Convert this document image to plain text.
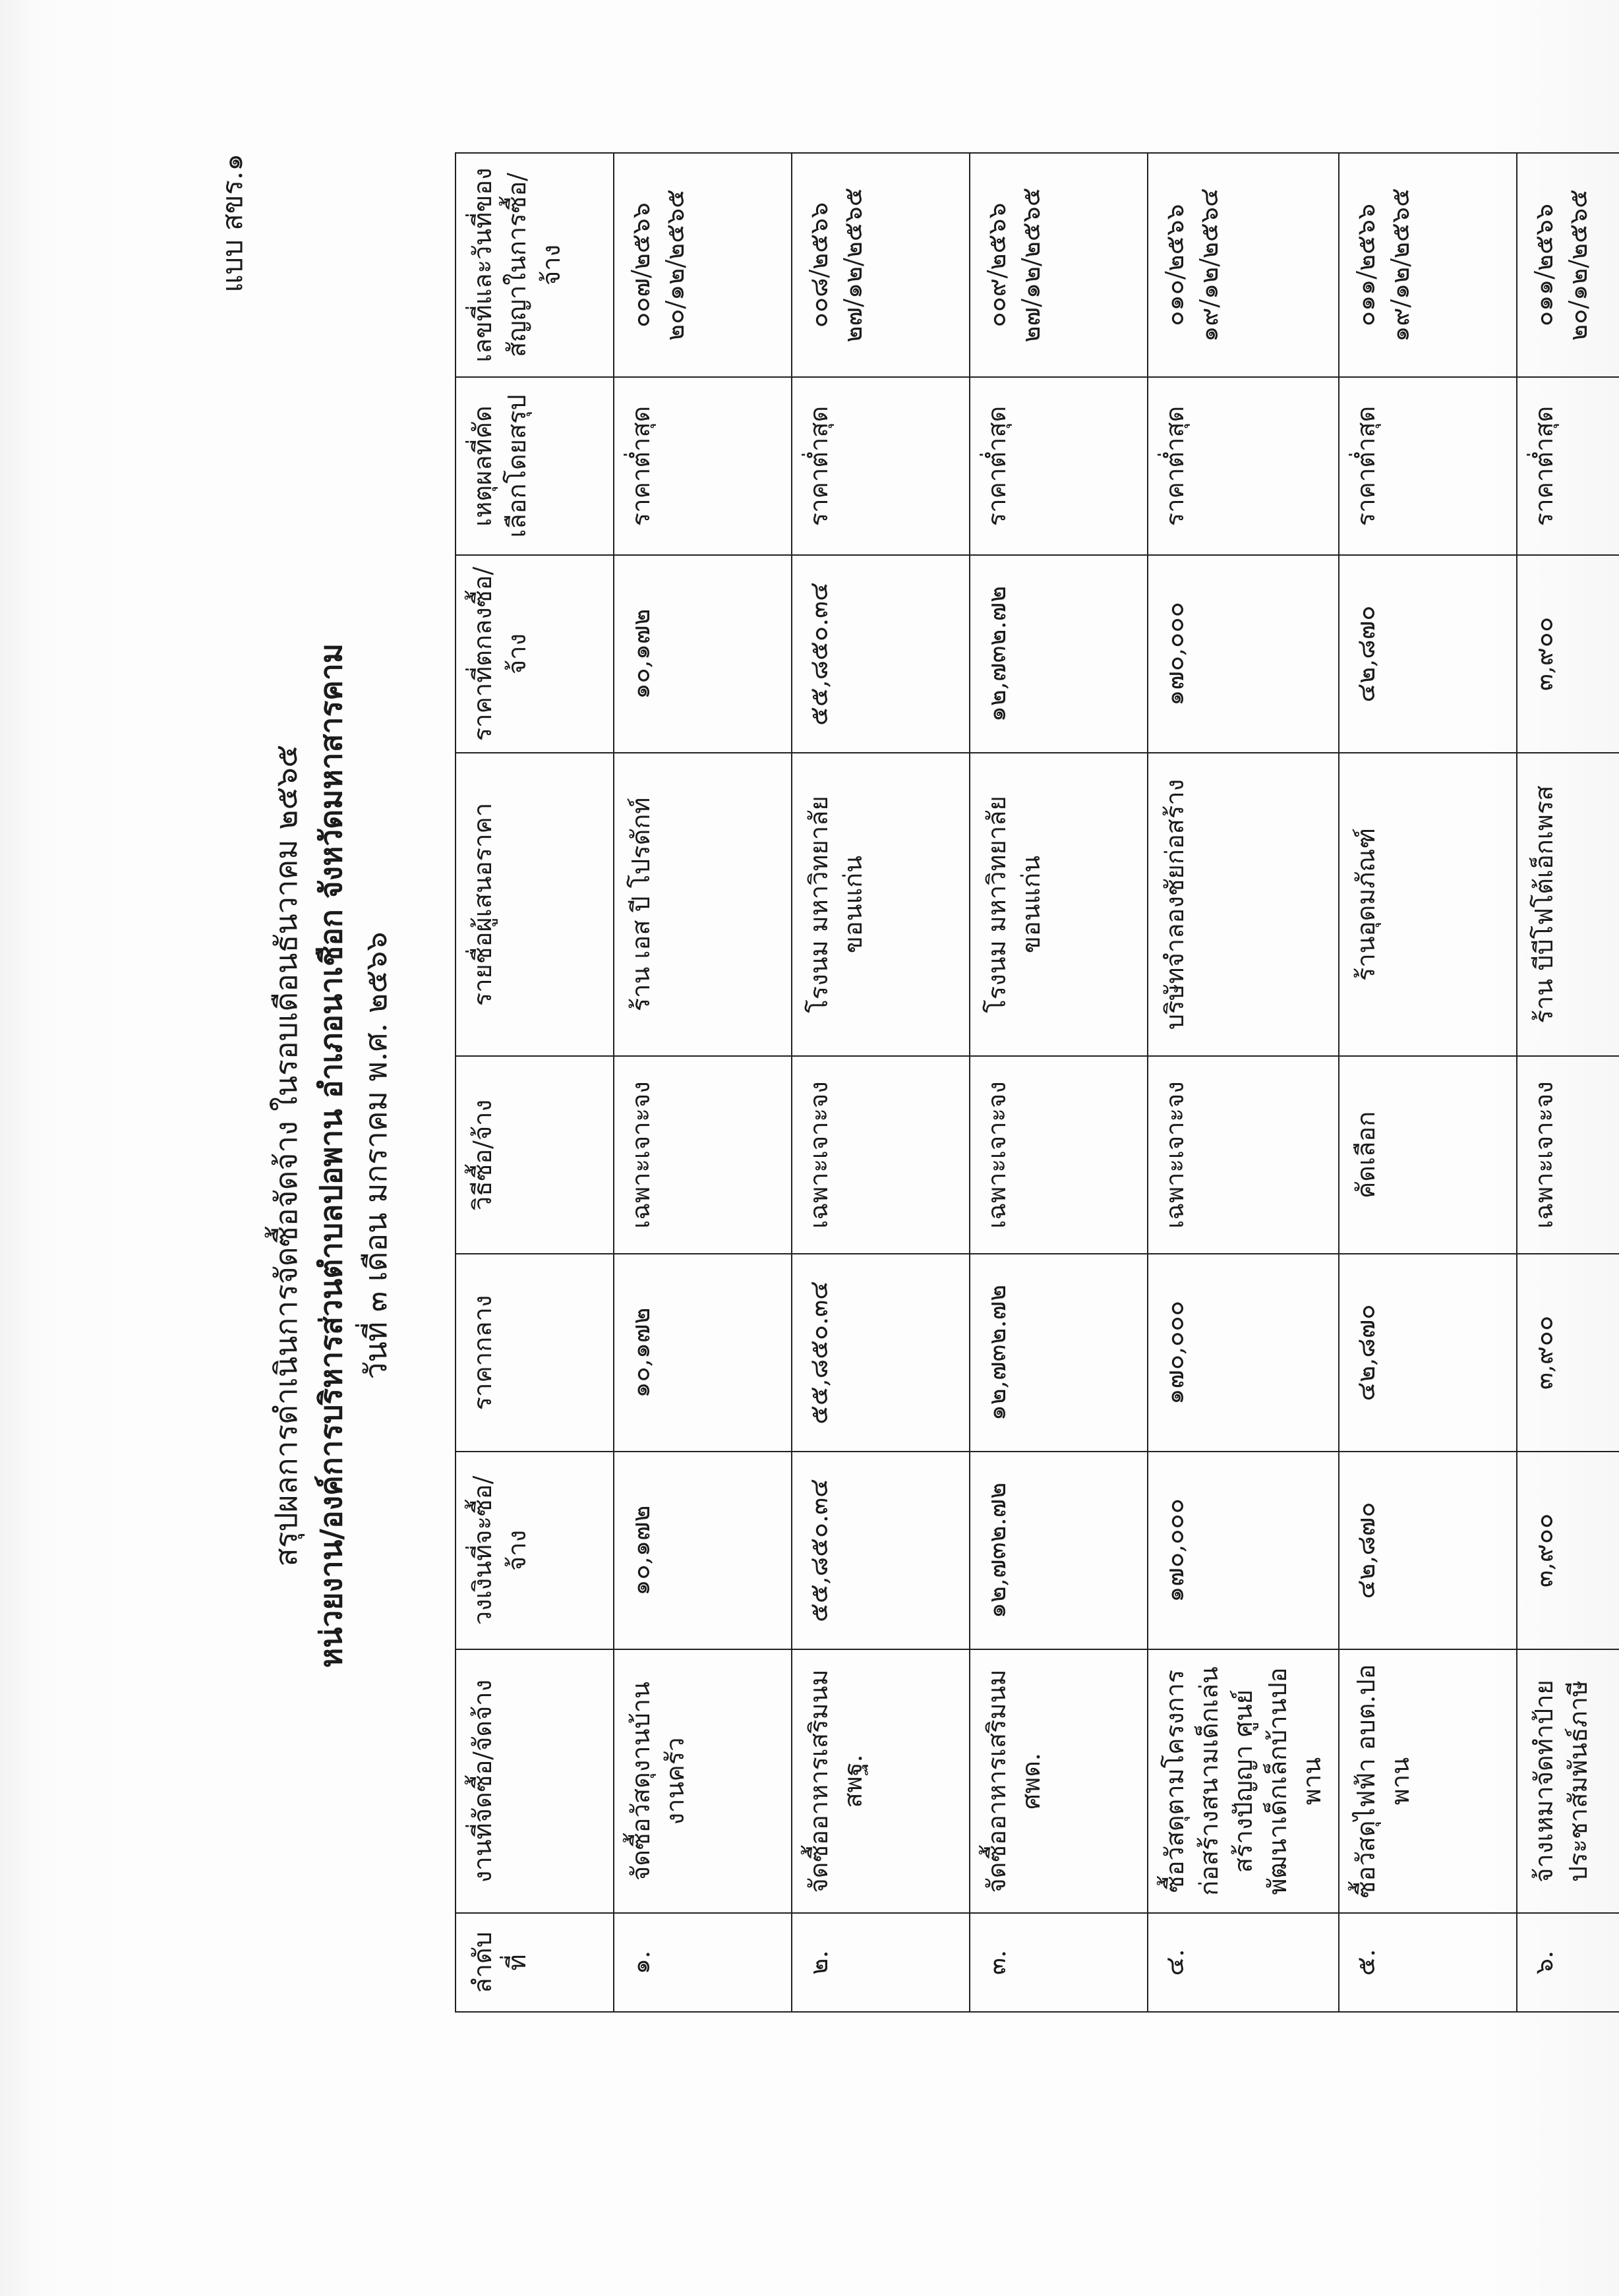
แบบ สขร.๑
สรุปผลการดำเนินการจัดซื้อจัดจ้าง ในรอบเดือนธันวาคม ๒๕๖๕ หน่วยงาน/องค์การบริหารส่วนตำบลปอพาน อำเภอนาเชือก จังหวัดมหาสารคาม วันที่ ๓ เดือน มกราคม พ.ศ. ๒๕๖๖
ลำดับที่	งานที่จัดซื้อ/จัดจ้าง	วงเงินที่จะซื้อ/จ้าง	ราคากลาง	วิธีซื้อ/จ้าง	รายชื่อผู้เสนอราคา	ราคาที่ตกลงซื้อ/จ้าง	เหตุผลที่คัดเลือกโดยสรุป	เลขที่และวันที่ของสัญญาในการซื้อ/จ้าง
๑.	จัดซื้อวัสดุงานบ้านงานครัว	๑๐,๑๗๒	๑๐,๑๗๒	เฉพาะเจาะจง	ร้าน เอส ปี โปรดักท์	๑๐,๑๗๒	ราคาต่ำสุด	๐๐๗/๒๕๖๖ ๒๐/๑๒/๒๕๖๕

๒.	จัดซื้ออาหารเสริมนม สพฐ.	๕๕,๘๕๐.๓๔	๕๕,๘๕๐.๓๔	เฉพาะเจาะจง	โรงนม มหาวิทยาลัยขอนแก่น	๕๕,๘๕๐.๓๔	ราคาต่ำสุด	๐๐๘/๒๕๖๖ ๒๗/๑๒/๒๕๖๕

๓.	จัดซื้ออาหารเสริมนม ศพด.	๑๒,๗๓๒.๗๒	๑๒,๗๓๒.๗๒	เฉพาะเจาะจง	โรงนม มหาวิทยาลัยขอนแก่น	๑๒,๗๓๒.๗๒	ราคาต่ำสุด	๐๐๙/๒๕๖๖ ๒๗/๑๒/๒๕๖๕

๔.	ซื้อวัสดุตามโครงการก่อสร้างสนามเด็กเล่นสร้างปัญญา ศูนย์พัฒนาเด็กเล็กบ้านปอพาน	๑๗๐,๐๐๐	๑๗๐,๐๐๐	เฉพาะเจาะจง	บริษัทจำลองชัยก่อสร้าง	๑๗๐,๐๐๐	ราคาต่ำสุด	๐๑๐/๒๕๖๖ ๑๙/๑๒/๒๕๖๔

๕.	ซื้อวัสดุไฟฟ้า อบต.ปอพาน	๔๒,๘๗๐	๔๒,๘๗๐	คัดเลือก	ร้านอุดมภัณฑ์	๔๒,๘๗๐	ราคาต่ำสุด	๐๑๑/๒๕๖๖ ๑๙/๑๒/๒๕๖๕

๖.	จ้างเหมาจัดทำป้ายประชาสัมพันธ์ภาษี	๓,๙๐๐	๓,๙๐๐	เฉพาะเจาะจง	ร้าน บีบีโฟโต้เอ็กเพรส	๓,๙๐๐	ราคาต่ำสุด	๐๑๑/๒๕๖๖ ๒๐/๑๒/๒๕๖๕
